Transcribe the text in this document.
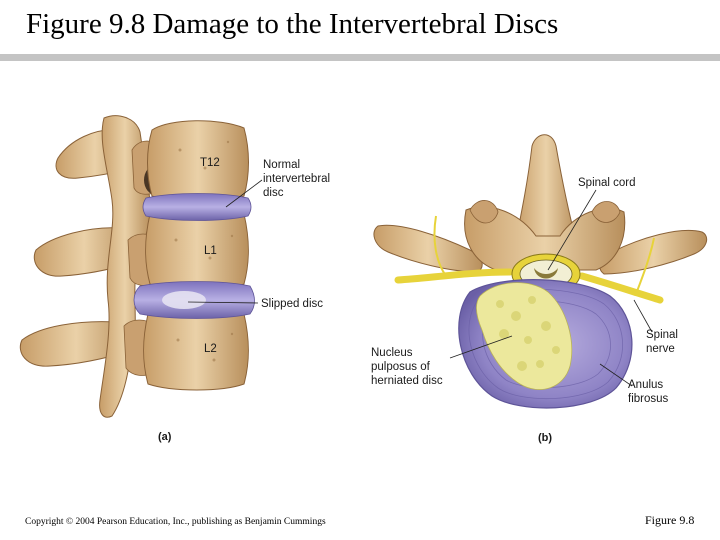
Figure 9.8 Damage to the Intervertebral Discs
T12
L1
L2
Normal intervertebral disc
Slipped disc
(a)
Spinal cord
Spinal nerve
Nucleus pulposus of herniated disc	Anulus fibrosus
(b)
Copyright © 2004 Pearson Education, Inc., publishing as Benjamin Cummings	Figure 9.8
